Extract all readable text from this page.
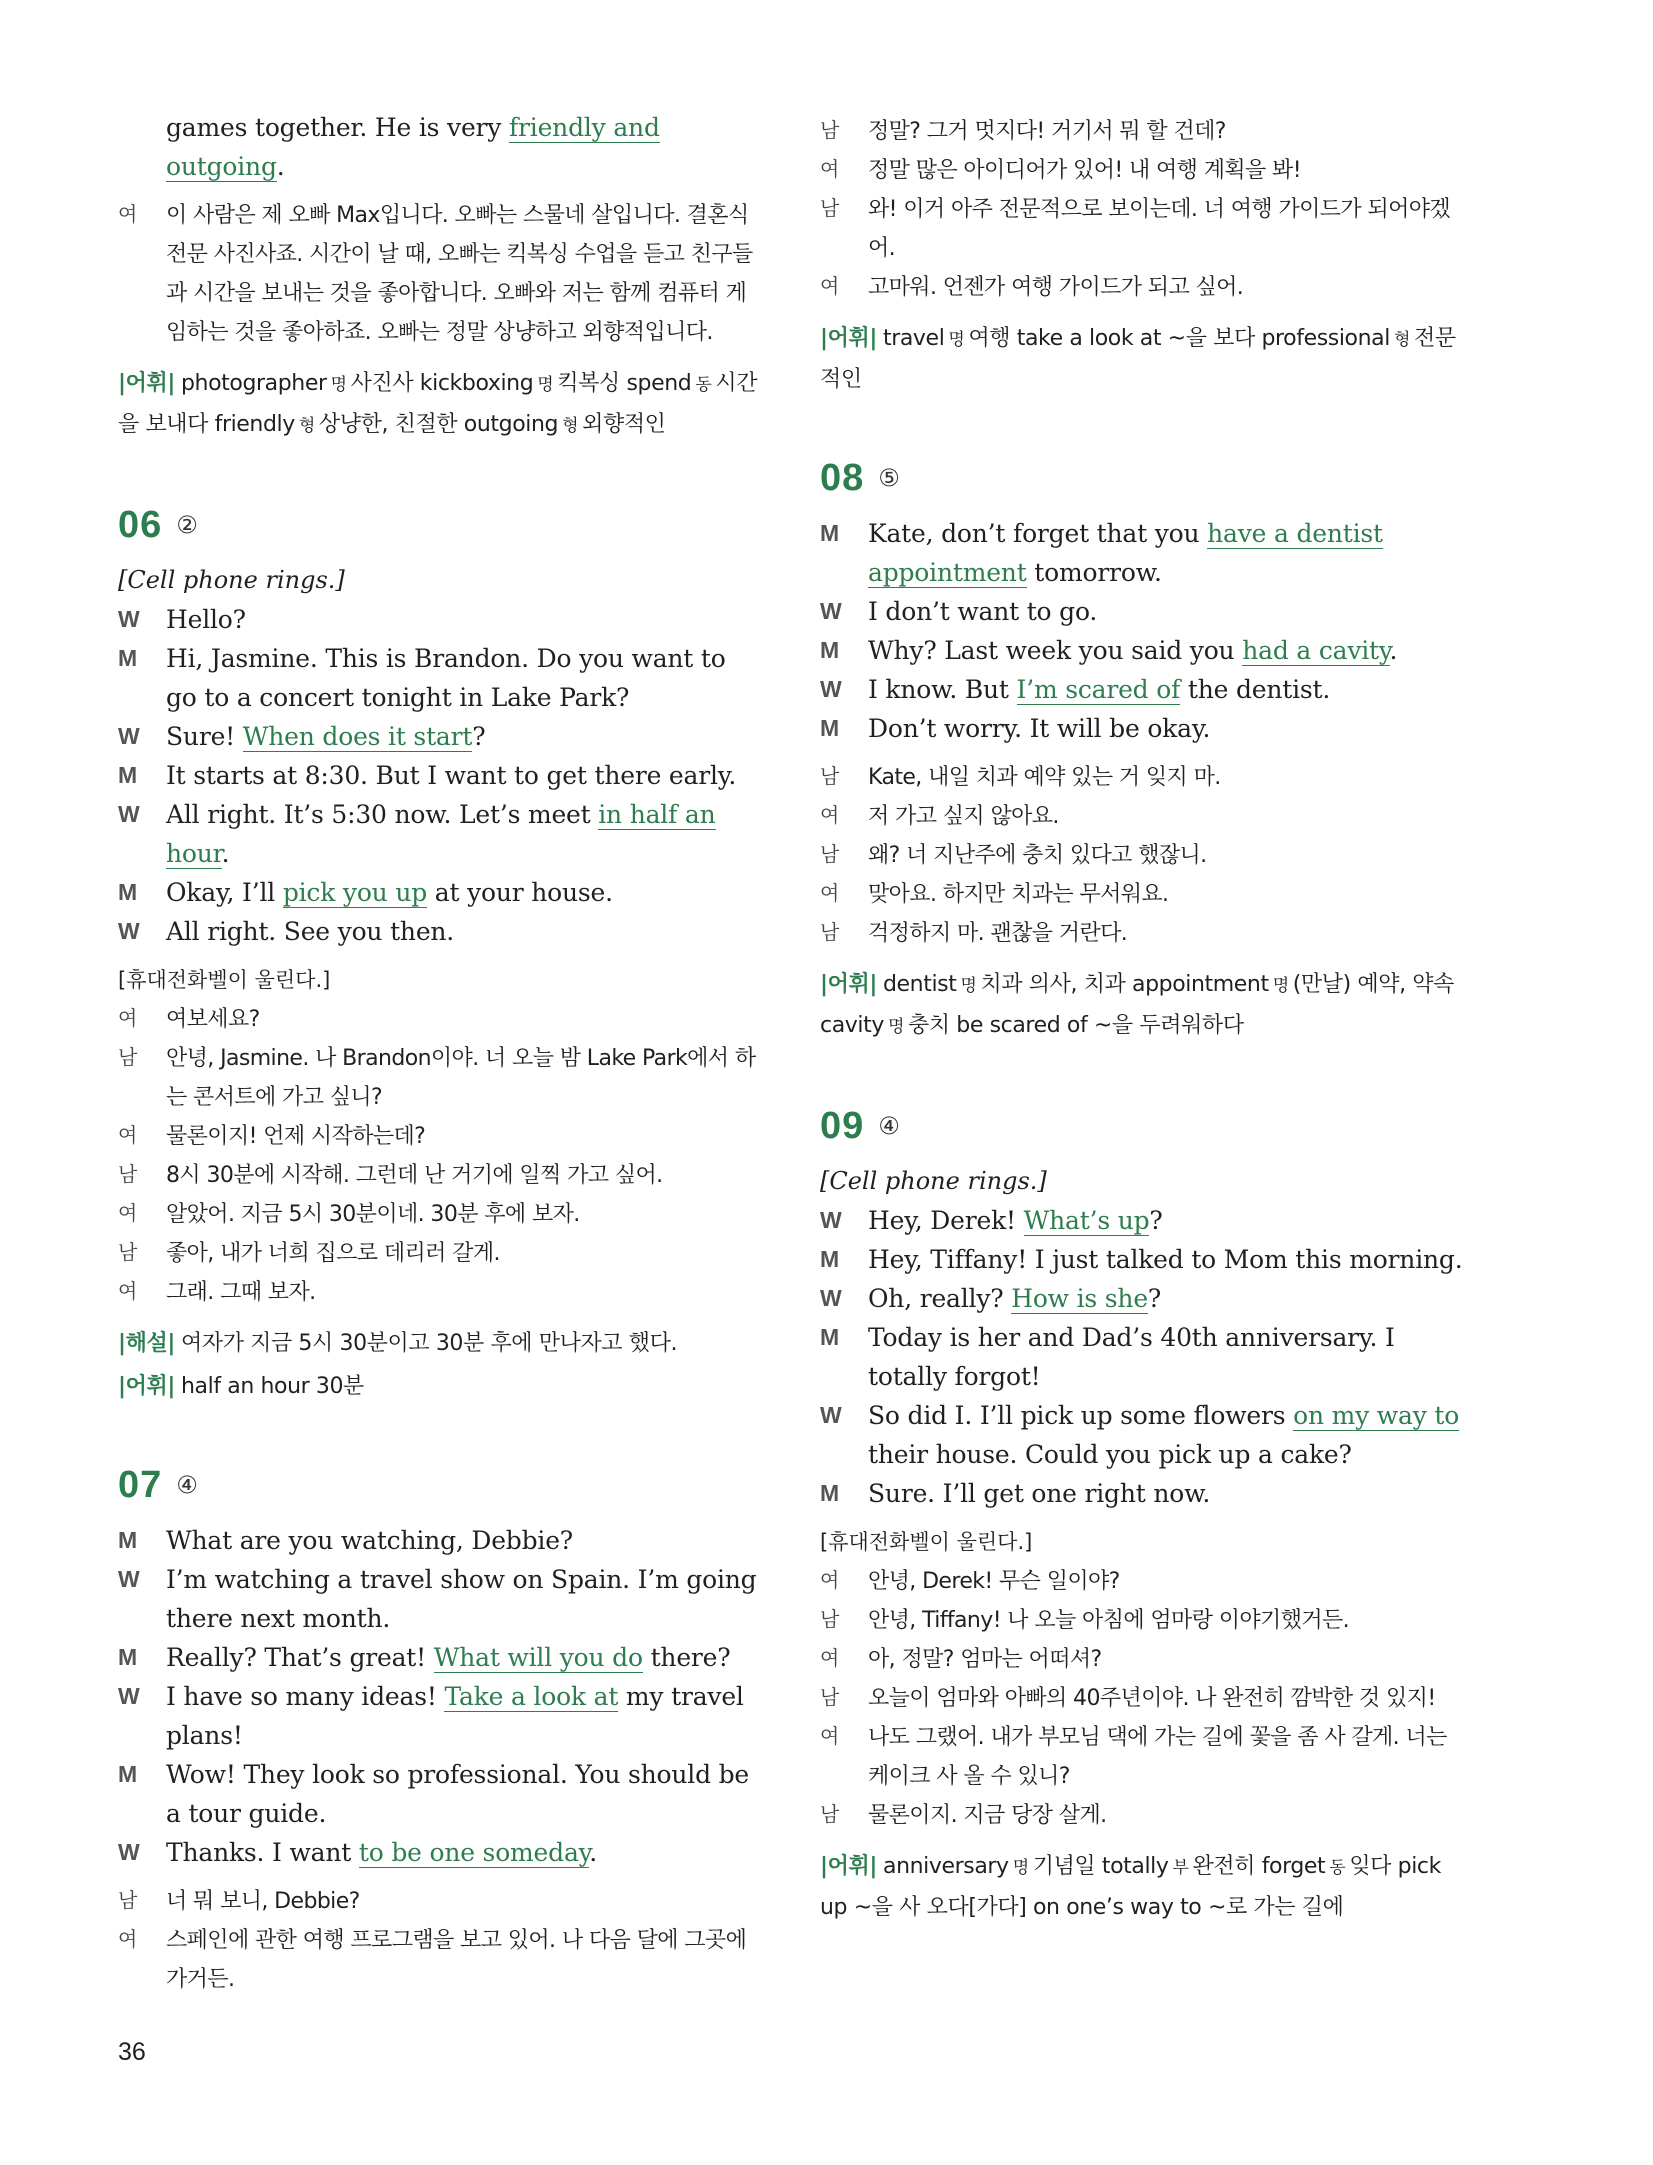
games together. He is very friendly and outgoing.
여 이 사람은 제 오빠 Max입니다. 오빠는 스물네 살입니다. 결혼식 전문 사진사죠. 시간이 날 때, 오빠는 킥복싱 수업을 듣고 친구들과 시간을 보내는 것을 좋아합니다. 오빠와 저는 함께 컴퓨터 게임하는 것을 좋아하죠. 오빠는 정말 상냥하고 외향적입니다.
|어휘| photographer 명 사진사 kickboxing 명 킥복싱 spend 동 시간을 보내다 friendly 형 상냥한, 친절한 outgoing 형 외향적인
06 ②
[Cell phone rings.]
W Hello?
M Hi, Jasmine. This is Brandon. Do you want to go to a concert tonight in Lake Park?
W Sure! When does it start?
M It starts at 8:30. But I want to get there early.
W All right. It’s 5:30 now. Let’s meet in half an hour.
M Okay, I’ll pick you up at your house.
W All right. See you then.
[휴대전화벨이 울린다.]
여 여보세요?
남 안녕, Jasmine. 나 Brandon이야. 너 오늘 밤 Lake Park에서 하는 콘서트에 가고 싶니?
여 물론이지! 언제 시작하는데?
남 8시 30분에 시작해. 그런데 난 거기에 일찍 가고 싶어.
여 알았어. 지금 5시 30분이네. 30분 후에 보자.
남 좋아, 내가 너희 집으로 데리러 갈게.
여 그래. 그때 보자.
|해설| 여자가 지금 5시 30분이고 30분 후에 만나자고 했다.
|어휘| half an hour 30분
07 ④
M What are you watching, Debbie?
W I’m watching a travel show on Spain. I’m going there next month.
M Really? That’s great! What will you do there?
W I have so many ideas! Take a look at my travel plans!
M Wow! They look so professional. You should be a tour guide.
W Thanks. I want to be one someday.
남 너 뭐 보니, Debbie?
여 스페인에 관한 여행 프로그램을 보고 있어. 나 다음 달에 그곳에 가거든.
남 정말? 그거 멋지다! 거기서 뭐 할 건데?
여 정말 많은 아이디어가 있어! 내 여행 계획을 봐!
남 와! 이거 아주 전문적으로 보이는데. 너 여행 가이드가 되어야겠어.
여 고마워. 언젠가 여행 가이드가 되고 싶어.
|어휘| travel 명 여행 take a look at ~을 보다 professional 형 전문적인
08 ⑤
M Kate, don’t forget that you have a dentist appointment tomorrow.
W I don’t want to go.
M Why? Last week you said you had a cavity.
W I know. But I’m scared of the dentist.
M Don’t worry. It will be okay.
남 Kate, 내일 치과 예약 있는 거 잊지 마.
여 저 가고 싶지 않아요.
남 왜? 너 지난주에 충치 있다고 했잖니.
여 맞아요. 하지만 치과는 무서워요.
남 걱정하지 마. 괜찮을 거란다.
|어휘| dentist 명 치과 의사, 치과 appointment 명 (만날) 예약, 약속 cavity 명 충치 be scared of ~을 두려워하다
09 ④
[Cell phone rings.]
W Hey, Derek! What’s up?
M Hey, Tiffany! I just talked to Mom this morning.
W Oh, really? How is she?
M Today is her and Dad’s 40th anniversary. I totally forgot!
W So did I. I’ll pick up some flowers on my way to their house. Could you pick up a cake?
M Sure. I’ll get one right now.
[휴대전화벨이 울린다.]
여 안녕, Derek! 무슨 일이야?
남 안녕, Tiffany! 나 오늘 아침에 엄마랑 이야기했거든.
여 아, 정말? 엄마는 어떠셔?
남 오늘이 엄마와 아빠의 40주년이야. 나 완전히 깜박한 것 있지!
여 나도 그랬어. 내가 부모님 댁에 가는 길에 꽃을 좀 사 갈게. 너는 케이크 사 올 수 있니?
남 물론이지. 지금 당장 살게.
|어휘| anniversary 명 기념일 totally 부 완전히 forget 동 잊다 pick up ~을 사 오다[가다] on one’s way to ~로 가는 길에
36
